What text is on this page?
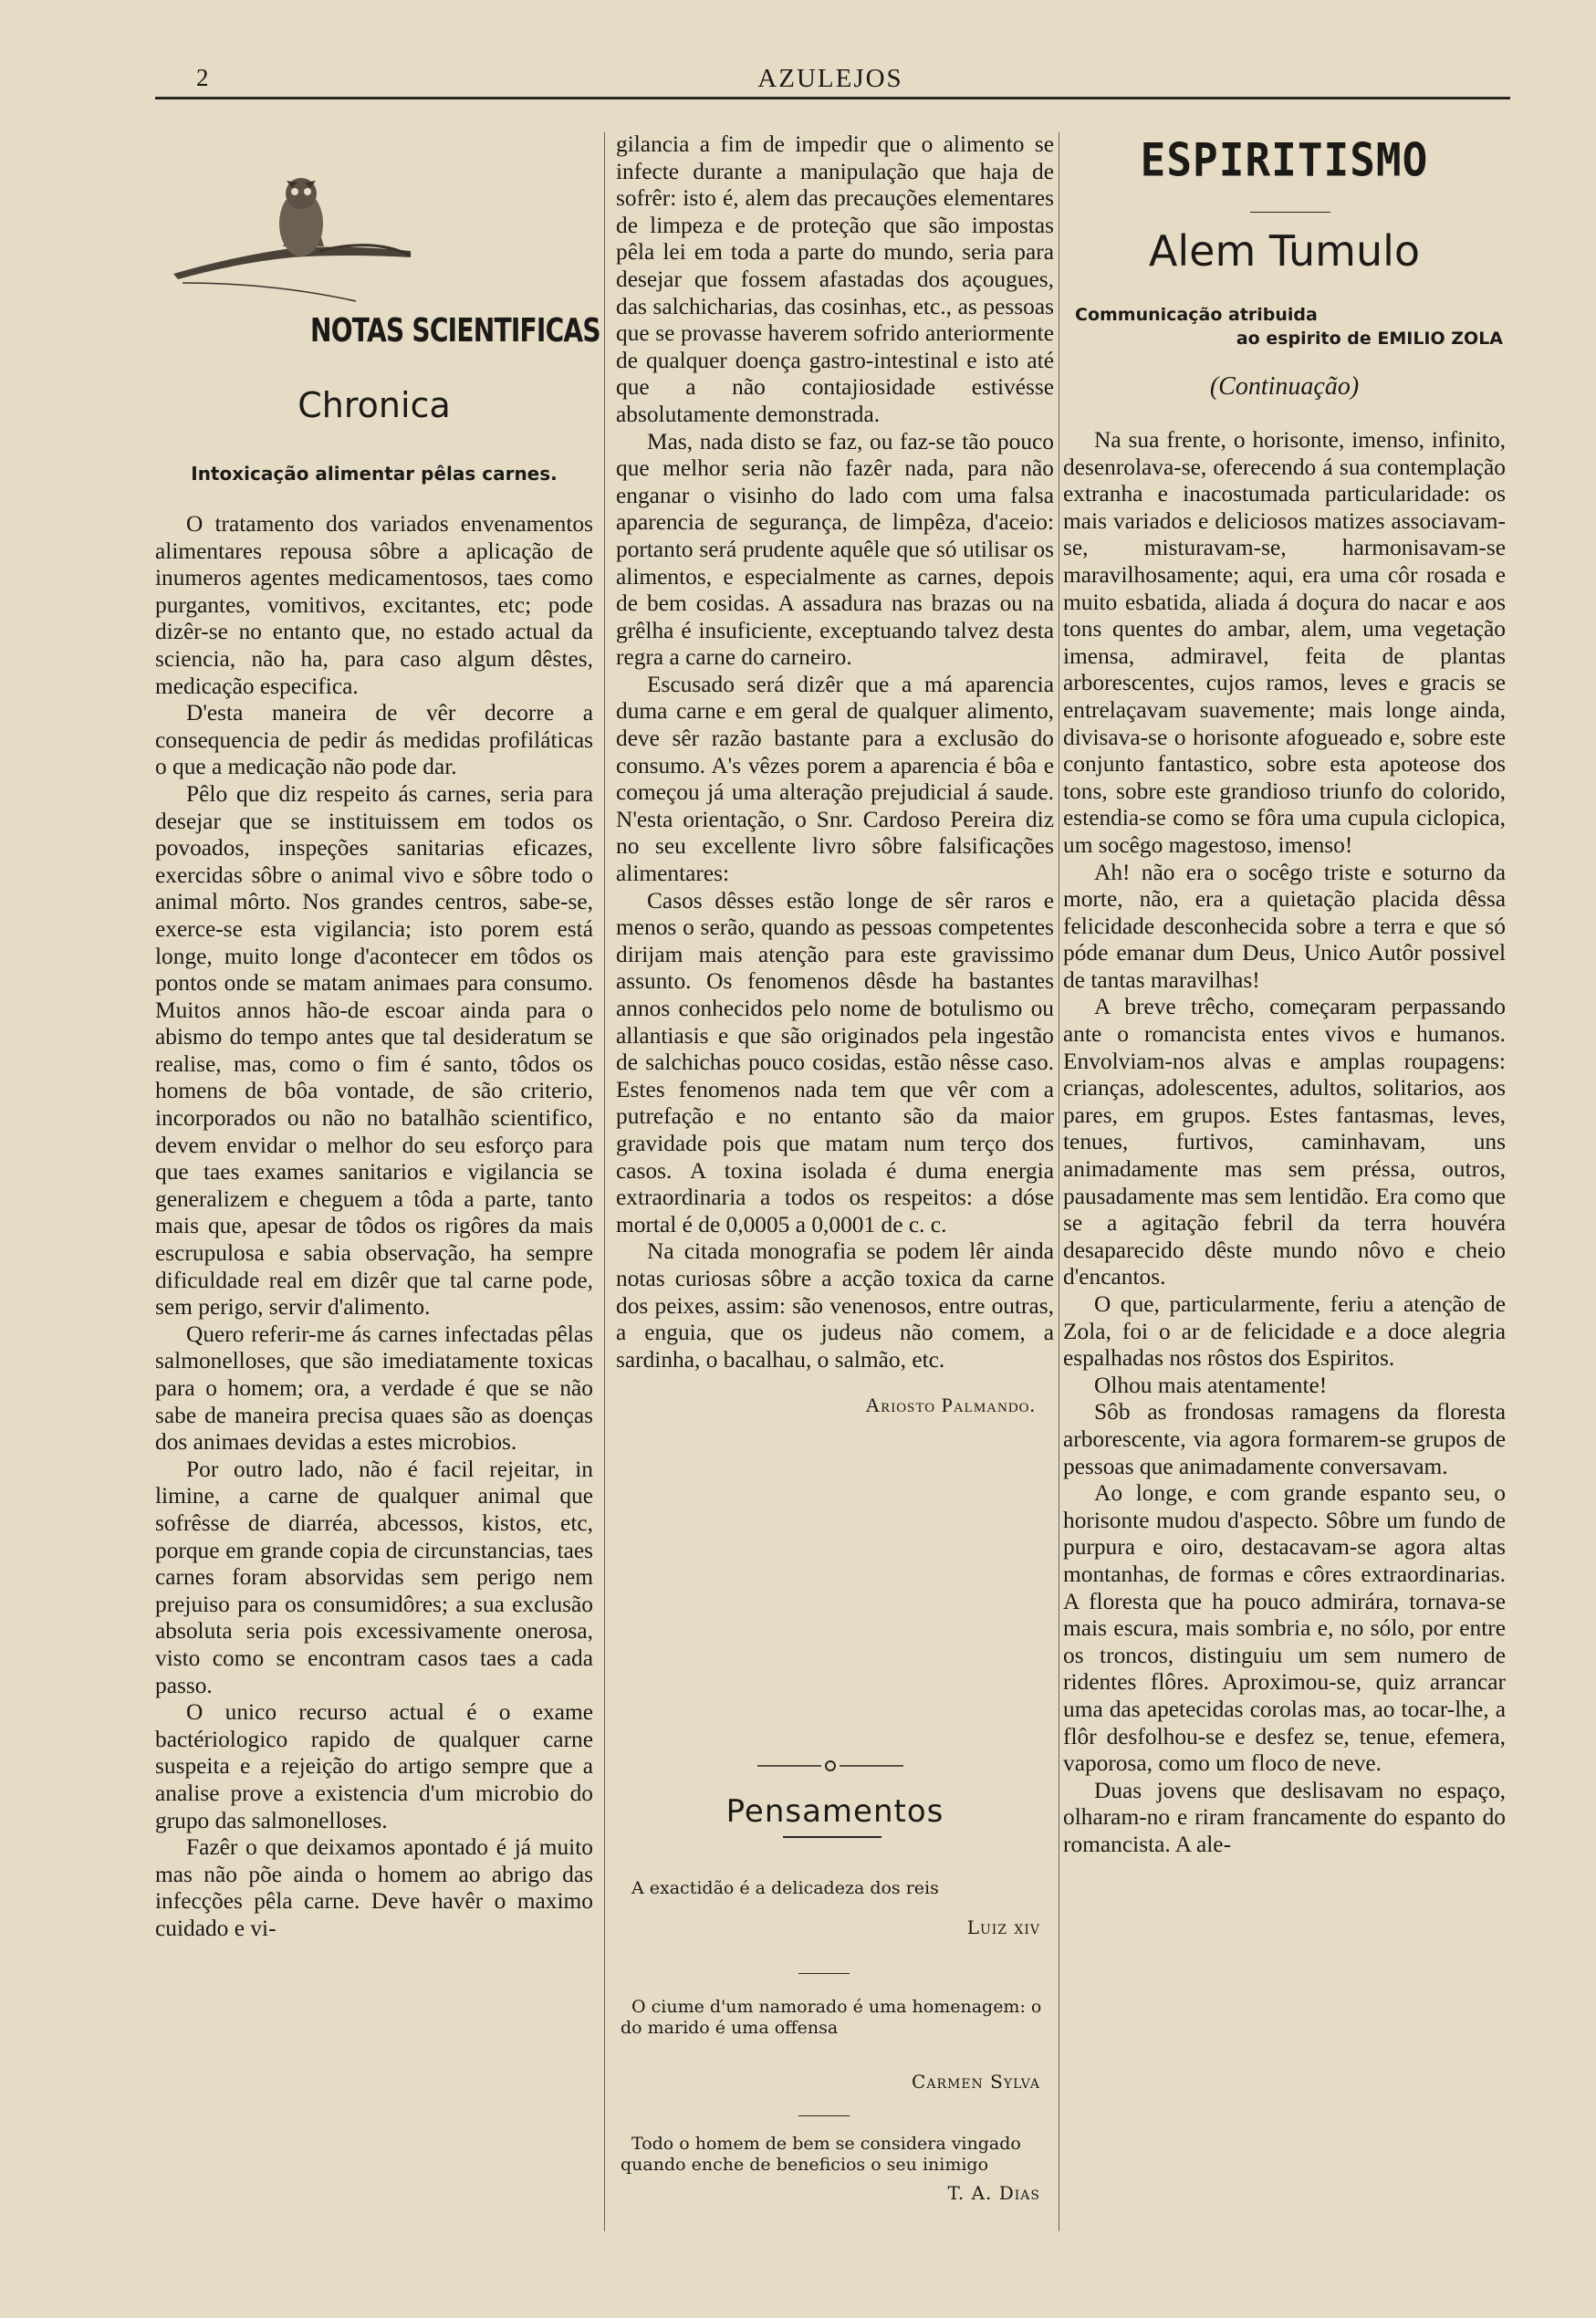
2	AZULEJOS
NOTAS SCIENTIFICAS
Chronica
Intoxicação alimentar pêlas carnes.

O tratamento dos variados envenamentos alimentares repousa sôbre a aplicação de inumeros agentes medicamentosos, taes como purgantes, vomitivos, excitantes, etc; pode dizêr-se no entanto que, no estado actual da sciencia, não ha, para caso algum dêstes, medicação especifica.

D'esta maneira de vêr decorre a consequencia de pedir ás medidas profiláticas o que a medicação não pode dar.

Pêlo que diz respeito ás carnes, seria para desejar que se instituissem em todos os povoados, inspeções sanitarias eficazes, exercidas sôbre o animal vivo e sôbre todo o animal môrto. Nos grandes centros, sabe-se, exerce-se esta vigilancia; isto porem está longe, muito longe d'acontecer em tôdos os pontos onde se matam animaes para consumo. Muitos annos hão-de escoar ainda para o abismo do tempo antes que tal desideratum se realise, mas, como o fim é santo, tôdos os homens de bôa vontade, de são criterio, incorporados ou não no batalhão scientifico, devem envidar o melhor do seu esforço para que taes exames sanitarios e vigilancia se generalizem e cheguem a tôda a parte, tanto mais que, apesar de tôdos os rigôres da mais escrupulosa e sabia observação, ha sempre dificuldade real em dizêr que tal carne pode, sem perigo, servir d'alimento.

Quero referir-me ás carnes infectadas pêlas salmonelloses, que são imediatamente toxicas para o homem; ora, a verdade é que se não sabe de maneira precisa quaes são as doenças dos animaes devidas a estes microbios.

Por outro lado, não é facil rejeitar, in limine, a carne de qualquer animal que sofrêsse de diarréa, abcessos, kistos, etc, porque em grande copia de circunstancias, taes carnes foram absorvidas sem perigo nem prejuiso para os consumidôres; a sua exclusão absoluta seria pois excessivamente onerosa, visto como se encontram casos taes a cada passo.

O unico recurso actual é o exame bactériologico rapido de qualquer carne suspeita e a rejeição do artigo sempre que a analise prove a existencia d'um microbio do grupo das salmonelloses.

Fazêr o que deixamos apontado é já muito mas não põe ainda o homem ao abrigo das infecções pêla carne. Deve havêr o maximo cuidado e vi-

gilancia a fim de impedir que o alimento se infecte durante a manipulação que haja de sofrêr: isto é, alem das precauções elementares de limpeza e de proteção que são impostas pêla lei em toda a parte do mundo, seria para desejar que fossem afastadas dos açougues, das salchicharias, das cosinhas, etc., as pessoas que se provasse haverem sofrido anteriormente de qualquer doença gastro-intestinal e isto até que a não contajiosidade estivésse absolutamente demonstrada.

Mas, nada disto se faz, ou faz-se tão pouco que melhor seria não fazêr nada, para não enganar o visinho do lado com uma falsa aparencia de segurança, de limpêza, d'aceio: portanto será prudente aquêle que só utilisar os alimentos, e especialmente as carnes, depois de bem cosidas. A assadura nas brazas ou na grêlha é insuficiente, exceptuando talvez desta regra a carne do carneiro.

Escusado será dizêr que a má aparencia duma carne e em geral de qualquer alimento, deve sêr razão bastante para a exclusão do consumo. A's vêzes porem a aparencia é bôa e começou já uma alteração prejudicial á saude. N'esta orientação, o Snr. Cardoso Pereira diz no seu excellente livro sôbre falsificações alimentares:

Casos dêsses estão longe de sêr raros e menos o serão, quando as pessoas competentes dirijam mais atenção para este gravissimo assunto. Os fenomenos dêsde ha bastantes annos conhecidos pelo nome de botulismo ou allantiasis e que são originados pela ingestão de salchichas pouco cosidas, estão nêsse caso. Estes fenomenos nada tem que vêr com a putrefação e no entanto são da maior gravidade pois que matam num terço dos casos. A toxina isolada é duma energia extraordinaria a todos os respeitos: a dóse mortal é de 0,0005 a 0,0001 de c. c.

Na citada monografia se podem lêr ainda notas curiosas sôbre a acção toxica da carne dos peixes, assim: são venenosos, entre outras, a enguia, que os judeus não comem, a sardinha, o bacalhau, o salmão, etc.

Ariosto Palmando.

Pensamentos
A exactidão é a delicadeza dos reis
Luiz xiv
O ciume d'um namorado é uma homenagem: o do marido é uma offensa
Carmen Sylva
Todo o homem de bem se considera vingado quando enche de beneficios o seu inimigo
T. A. Dias
ESPIRITISMO
Alem Tumulo
Communicação atribuida
ao espirito de EMILIO ZOLA
(Continuação)

Na sua frente, o horisonte, imenso, infinito, desenrolava-se, oferecendo á sua contemplação extranha e inacostumada particularidade: os mais variados e deliciosos matizes associavam-se, misturavam-se, harmonisavam-se maravilhosamente; aqui, era uma côr rosada e muito esbatida, aliada á doçura do nacar e aos tons quentes do ambar, alem, uma vegetação imensa, admiravel, feita de plantas arborescentes, cujos ramos, leves e gracis se entrelaçavam suavemente; mais longe ainda, divisava-se o horisonte afogueado e, sobre este conjunto fantastico, sobre esta apoteose dos tons, sobre este grandioso triunfo do colorido, estendia-se como se fôra uma cupula ciclopica, um socêgo magestoso, imenso!

Ah! não era o socêgo triste e soturno da morte, não, era a quietação placida dêssa felicidade desconhecida sobre a terra e que só póde emanar dum Deus, Unico Autôr possivel de tantas maravilhas!

A breve trêcho, começaram perpassando ante o romancista entes vivos e humanos. Envolviam-nos alvas e amplas roupagens: crianças, adolescentes, adultos, solitarios, aos pares, em grupos. Estes fantasmas, leves, tenues, furtivos, caminhavam, uns animadamente mas sem préssa, outros, pausadamente mas sem lentidão. Era como que se a agitação febril da terra houvéra desaparecido dêste mundo nôvo e cheio d'encantos.

O que, particularmente, feriu a atenção de Zola, foi o ar de felicidade e a doce alegria espalhadas nos rôstos dos Espiritos.

Olhou mais atentamente!

Sôb as frondosas ramagens da floresta arborescente, via agora formarem-se grupos de pessoas que animadamente conversavam.

Ao longe, e com grande espanto seu, o horisonte mudou d'aspecto. Sôbre um fundo de purpura e oiro, destacavam-se agora altas montanhas, de formas e côres extraordinarias. A floresta que ha pouco admirára, tornava-se mais escura, mais sombria e, no sólo, por entre os troncos, distinguiu um sem numero de ridentes flôres. Aproximou-se, quiz arrancar uma das apetecidas corolas mas, ao tocar-lhe, a flôr desfolhou-se e desfez se, tenue, efemera, vaporosa, como um floco de neve.

Duas jovens que deslisavam no espaço, olharam-no e riram francamente do espanto do romancista. A ale-
